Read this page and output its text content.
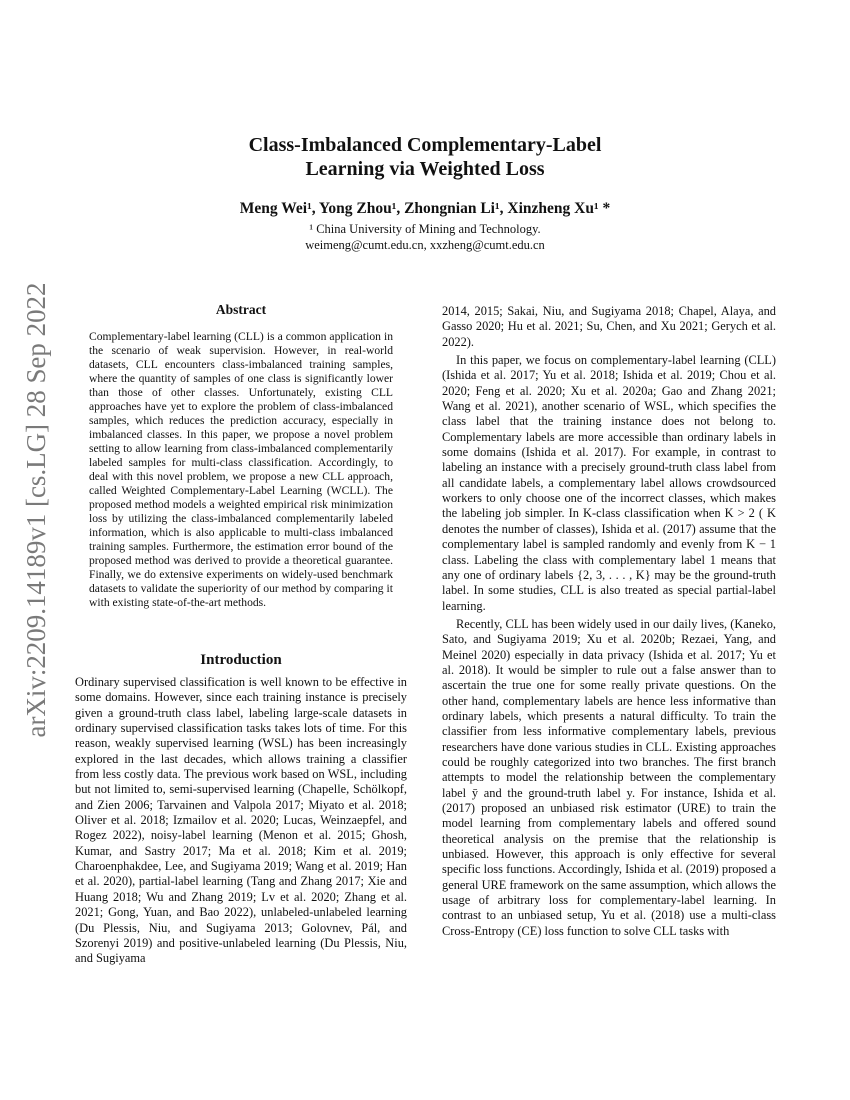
arXiv:2209.14189v1 [cs.LG] 28 Sep 2022
Class-Imbalanced Complementary-Label
Learning via Weighted Loss
Meng Wei¹, Yong Zhou¹, Zhongnian Li¹, Xinzheng Xu¹ *
¹ China University of Mining and Technology.
weimeng@cumt.edu.cn, xxzheng@cumt.edu.cn
Abstract

Complementary-label learning (CLL) is a common application in the scenario of weak supervision. However, in real-world datasets, CLL encounters class-imbalanced training samples, where the quantity of samples of one class is significantly lower than those of other classes. Unfortunately, existing CLL approaches have yet to explore the problem of class-imbalanced samples, which reduces the prediction accuracy, especially in imbalanced classes. In this paper, we propose a novel problem setting to allow learning from class-imbalanced complementarily labeled samples for multi-class classification. Accordingly, to deal with this novel problem, we propose a new CLL approach, called Weighted Complementary-Label Learning (WCLL). The proposed method models a weighted empirical risk minimization loss by utilizing the class-imbalanced complementarily labeled information, which is also applicable to multi-class imbalanced training samples. Furthermore, the estimation error bound of the proposed method was derived to provide a theoretical guarantee. Finally, we do extensive experiments on widely-used benchmark datasets to validate the superiority of our method by comparing it with existing state-of-the-art methods.

Introduction

Ordinary supervised classification is well known to be effective in some domains. However, since each training instance is precisely given a ground-truth class label, labeling large-scale datasets in ordinary supervised classification tasks takes lots of time. For this reason, weakly supervised learning (WSL) has been increasingly explored in the last decades, which allows training a classifier from less costly data. The previous work based on WSL, including but not limited to, semi-supervised learning (Chapelle, Schölkopf, and Zien 2006; Tarvainen and Valpola 2017; Miyato et al. 2018; Oliver et al. 2018; Izmailov et al. 2020; Lucas, Weinzaepfel, and Rogez 2022), noisy-label learning (Menon et al. 2015; Ghosh, Kumar, and Sastry 2017; Ma et al. 2018; Kim et al. 2019; Charoenphakdee, Lee, and Sugiyama 2019; Wang et al. 2019; Han et al. 2020), partial-label learning (Tang and Zhang 2017; Xie and Huang 2018; Wu and Zhang 2019; Lv et al. 2020; Zhang et al. 2021; Gong, Yuan, and Bao 2022), unlabeled-unlabeled learning (Du Plessis, Niu, and Sugiyama 2013; Golovnev, Pál, and Szorenyi 2019) and positive-unlabeled learning (Du Plessis, Niu, and Sugiyama

2014, 2015; Sakai, Niu, and Sugiyama 2018; Chapel, Alaya, and Gasso 2020; Hu et al. 2021; Su, Chen, and Xu 2021; Gerych et al. 2022).

In this paper, we focus on complementary-label learning (CLL) (Ishida et al. 2017; Yu et al. 2018; Ishida et al. 2019; Chou et al. 2020; Feng et al. 2020; Xu et al. 2020a; Gao and Zhang 2021; Wang et al. 2021), another scenario of WSL, which specifies the class label that the training instance does not belong to. Complementary labels are more accessible than ordinary labels in some domains (Ishida et al. 2017). For example, in contrast to labeling an instance with a precisely ground-truth class label from all candidate labels, a complementary label allows crowdsourced workers to only choose one of the incorrect classes, which makes the labeling job simpler. In K-class classification when K > 2 ( K denotes the number of classes), Ishida et al. (2017) assume that the complementary label is sampled randomly and evenly from K − 1 class. Labeling the class with complementary label 1 means that any one of ordinary labels {2, 3, . . . , K} may be the ground-truth label. In some studies, CLL is also treated as special partial-label learning.

Recently, CLL has been widely used in our daily lives, (Kaneko, Sato, and Sugiyama 2019; Xu et al. 2020b; Rezaei, Yang, and Meinel 2020) especially in data privacy (Ishida et al. 2017; Yu et al. 2018). It would be simpler to rule out a false answer than to ascertain the true one for some really private questions. On the other hand, complementary labels are hence less informative than ordinary labels, which presents a natural difficulty. To train the classifier from less informative complementary labels, previous researchers have done various studies in CLL. Existing approaches could be roughly categorized into two branches. The first branch attempts to model the relationship between the complementary label ȳ and the ground-truth label y. For instance, Ishida et al. (2017) proposed an unbiased risk estimator (URE) to train the model learning from complementary labels and offered sound theoretical analysis on the premise that the relationship is unbiased. However, this approach is only effective for several specific loss functions. Accordingly, Ishida et al. (2019) proposed a general URE framework on the same assumption, which allows the usage of arbitrary loss for complementary-label learning. In contrast to an unbiased setup, Yu et al. (2018) use a multi-class Cross-Entropy (CE) loss function to solve CLL tasks with
